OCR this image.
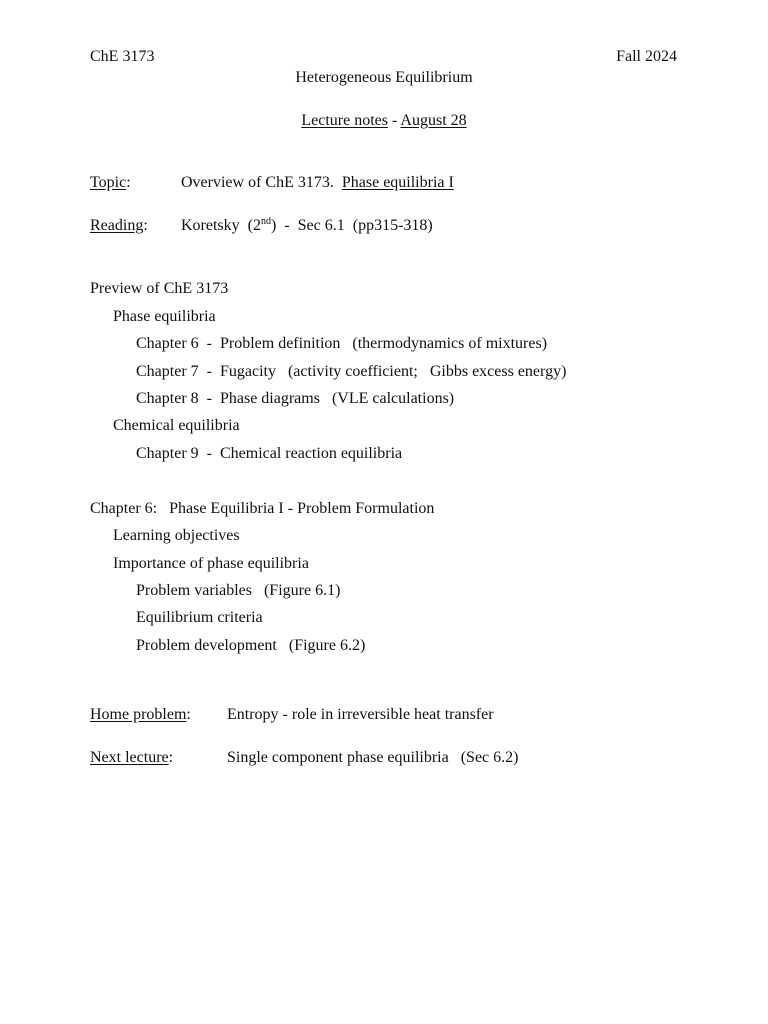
ChE 3173	Fall 2024
Heterogeneous Equilibrium
Lecture notes - August 28
Topic:	Overview of ChE 3173. Phase equilibria I
Reading: Koretsky  (2nd)  -  Sec 6.1  (pp315-318)
Preview of ChE 3173
Phase equilibria
Chapter 6  -  Problem definition   (thermodynamics of mixtures)
Chapter 7  -  Fugacity   (activity coefficient;   Gibbs excess energy)
Chapter 8  -  Phase diagrams   (VLE calculations)
Chemical equilibria
Chapter 9  -  Chemical reaction equilibria
Chapter 6:   Phase Equilibria I - Problem Formulation
Learning objectives
Importance of phase equilibria
Problem variables   (Figure 6.1)
Equilibrium criteria
Problem development   (Figure 6.2)
Home problem: Entropy - role in irreversible heat transfer
Next lecture:	Single component phase equilibria   (Sec 6.2)
